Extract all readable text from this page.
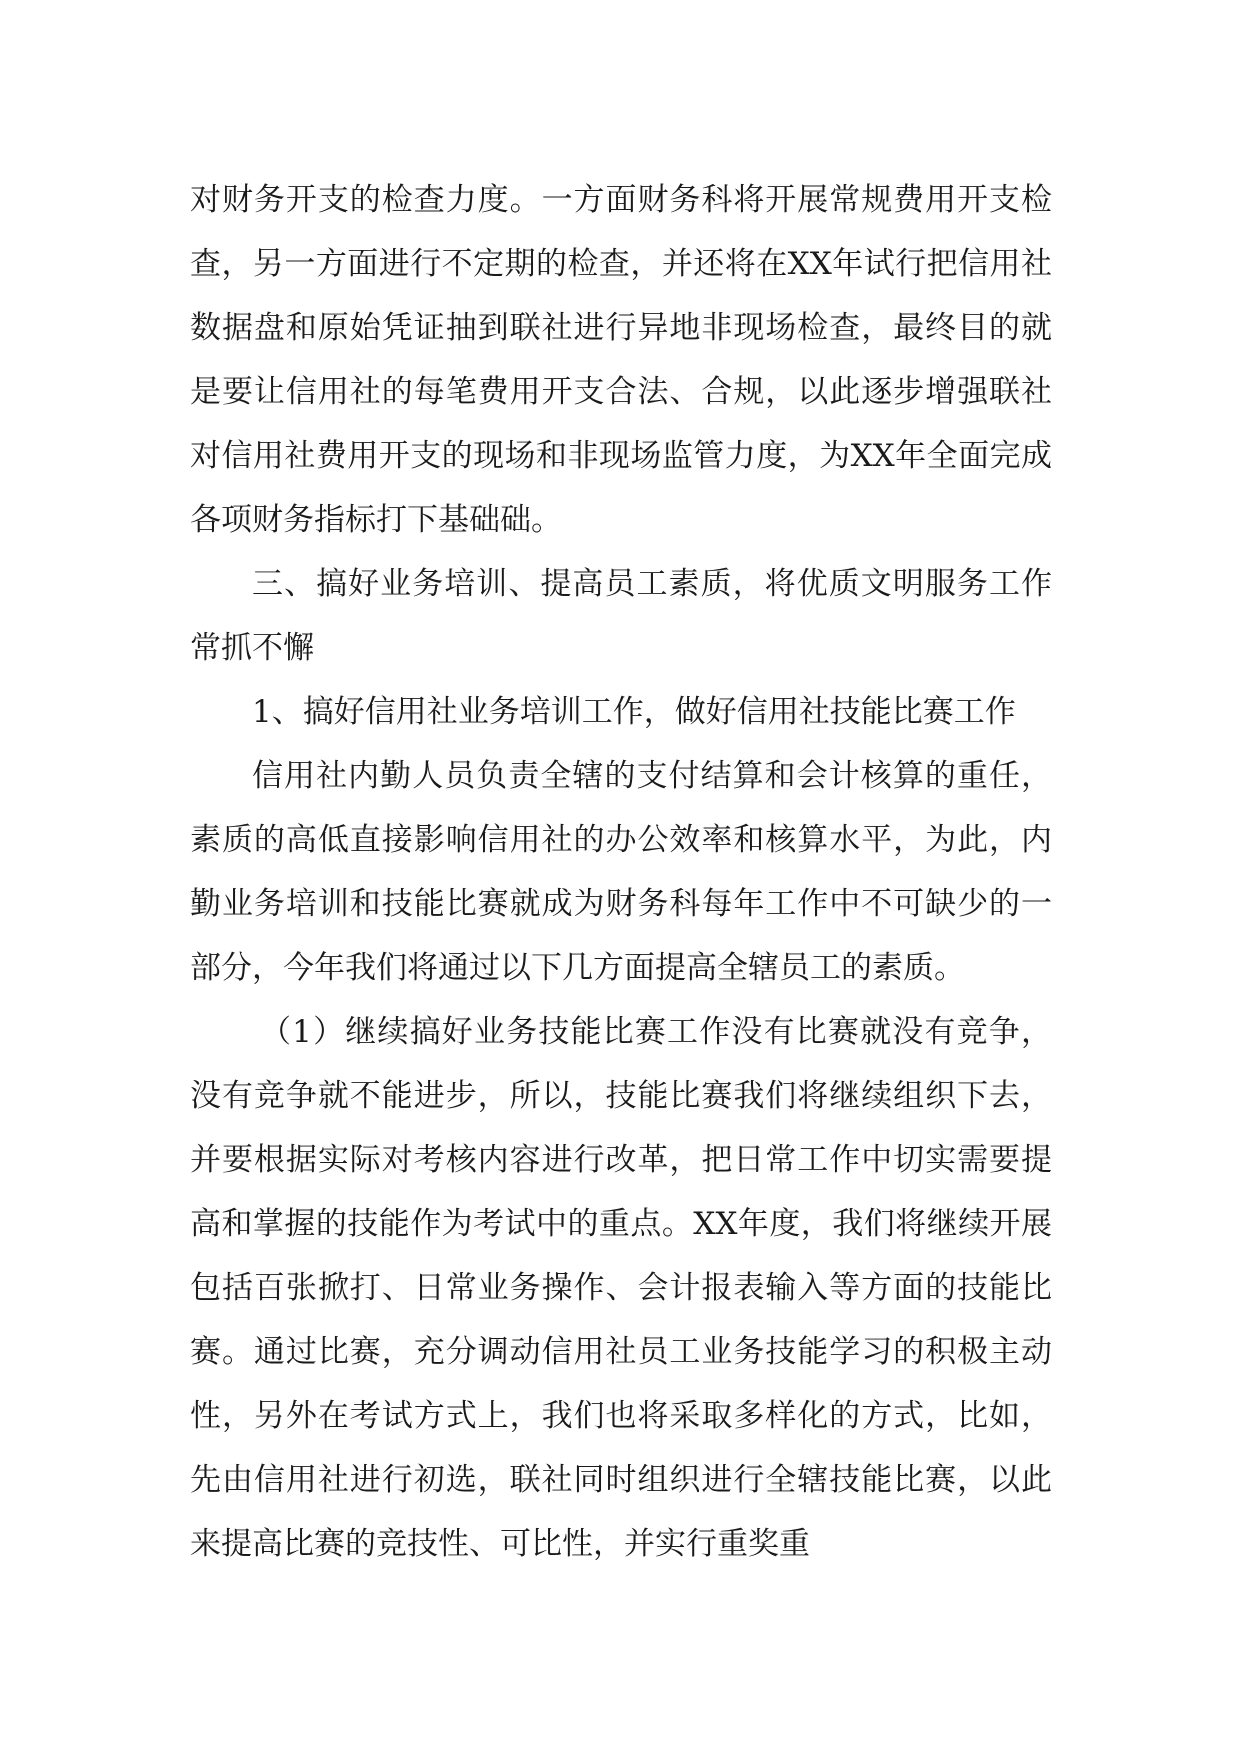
对财务开支的检查力度。一方面财务科将开展常规费用开支检查，另一方面进行不定期的检查，并还将在XX年试行把信用社数据盘和原始凭证抽到联社进行异地非现场检查，最终目的就是要让信用社的每笔费用开支合法、合规，以此逐步增强联社对信用社费用开支的现场和非现场监管力度，为XX年全面完成各项财务指标打下基础础。

三、搞好业务培训、提高员工素质，将优质文明服务工作常抓不懈

1、搞好信用社业务培训工作，做好信用社技能比赛工作

信用社内勤人员负责全辖的支付结算和会计核算的重任，素质的高低直接影响信用社的办公效率和核算水平，为此，内勤业务培训和技能比赛就成为财务科每年工作中不可缺少的一部分，今年我们将通过以下几方面提高全辖员工的素质。

（1）继续搞好业务技能比赛工作没有比赛就没有竞争，没有竞争就不能进步，所以，技能比赛我们将继续组织下去，并要根据实际对考核内容进行改革，把日常工作中切实需要提高和掌握的技能作为考试中的重点。XX年度，我们将继续开展包括百张掀打、日常业务操作、会计报表输入等方面的技能比赛。通过比赛，充分调动信用社员工业务技能学习的积极主动性，另外在考试方式上，我们也将采取多样化的方式，比如，先由信用社进行初选，联社同时组织进行全辖技能比赛，以此来提高比赛的竞技性、可比性，并实行重奖重
